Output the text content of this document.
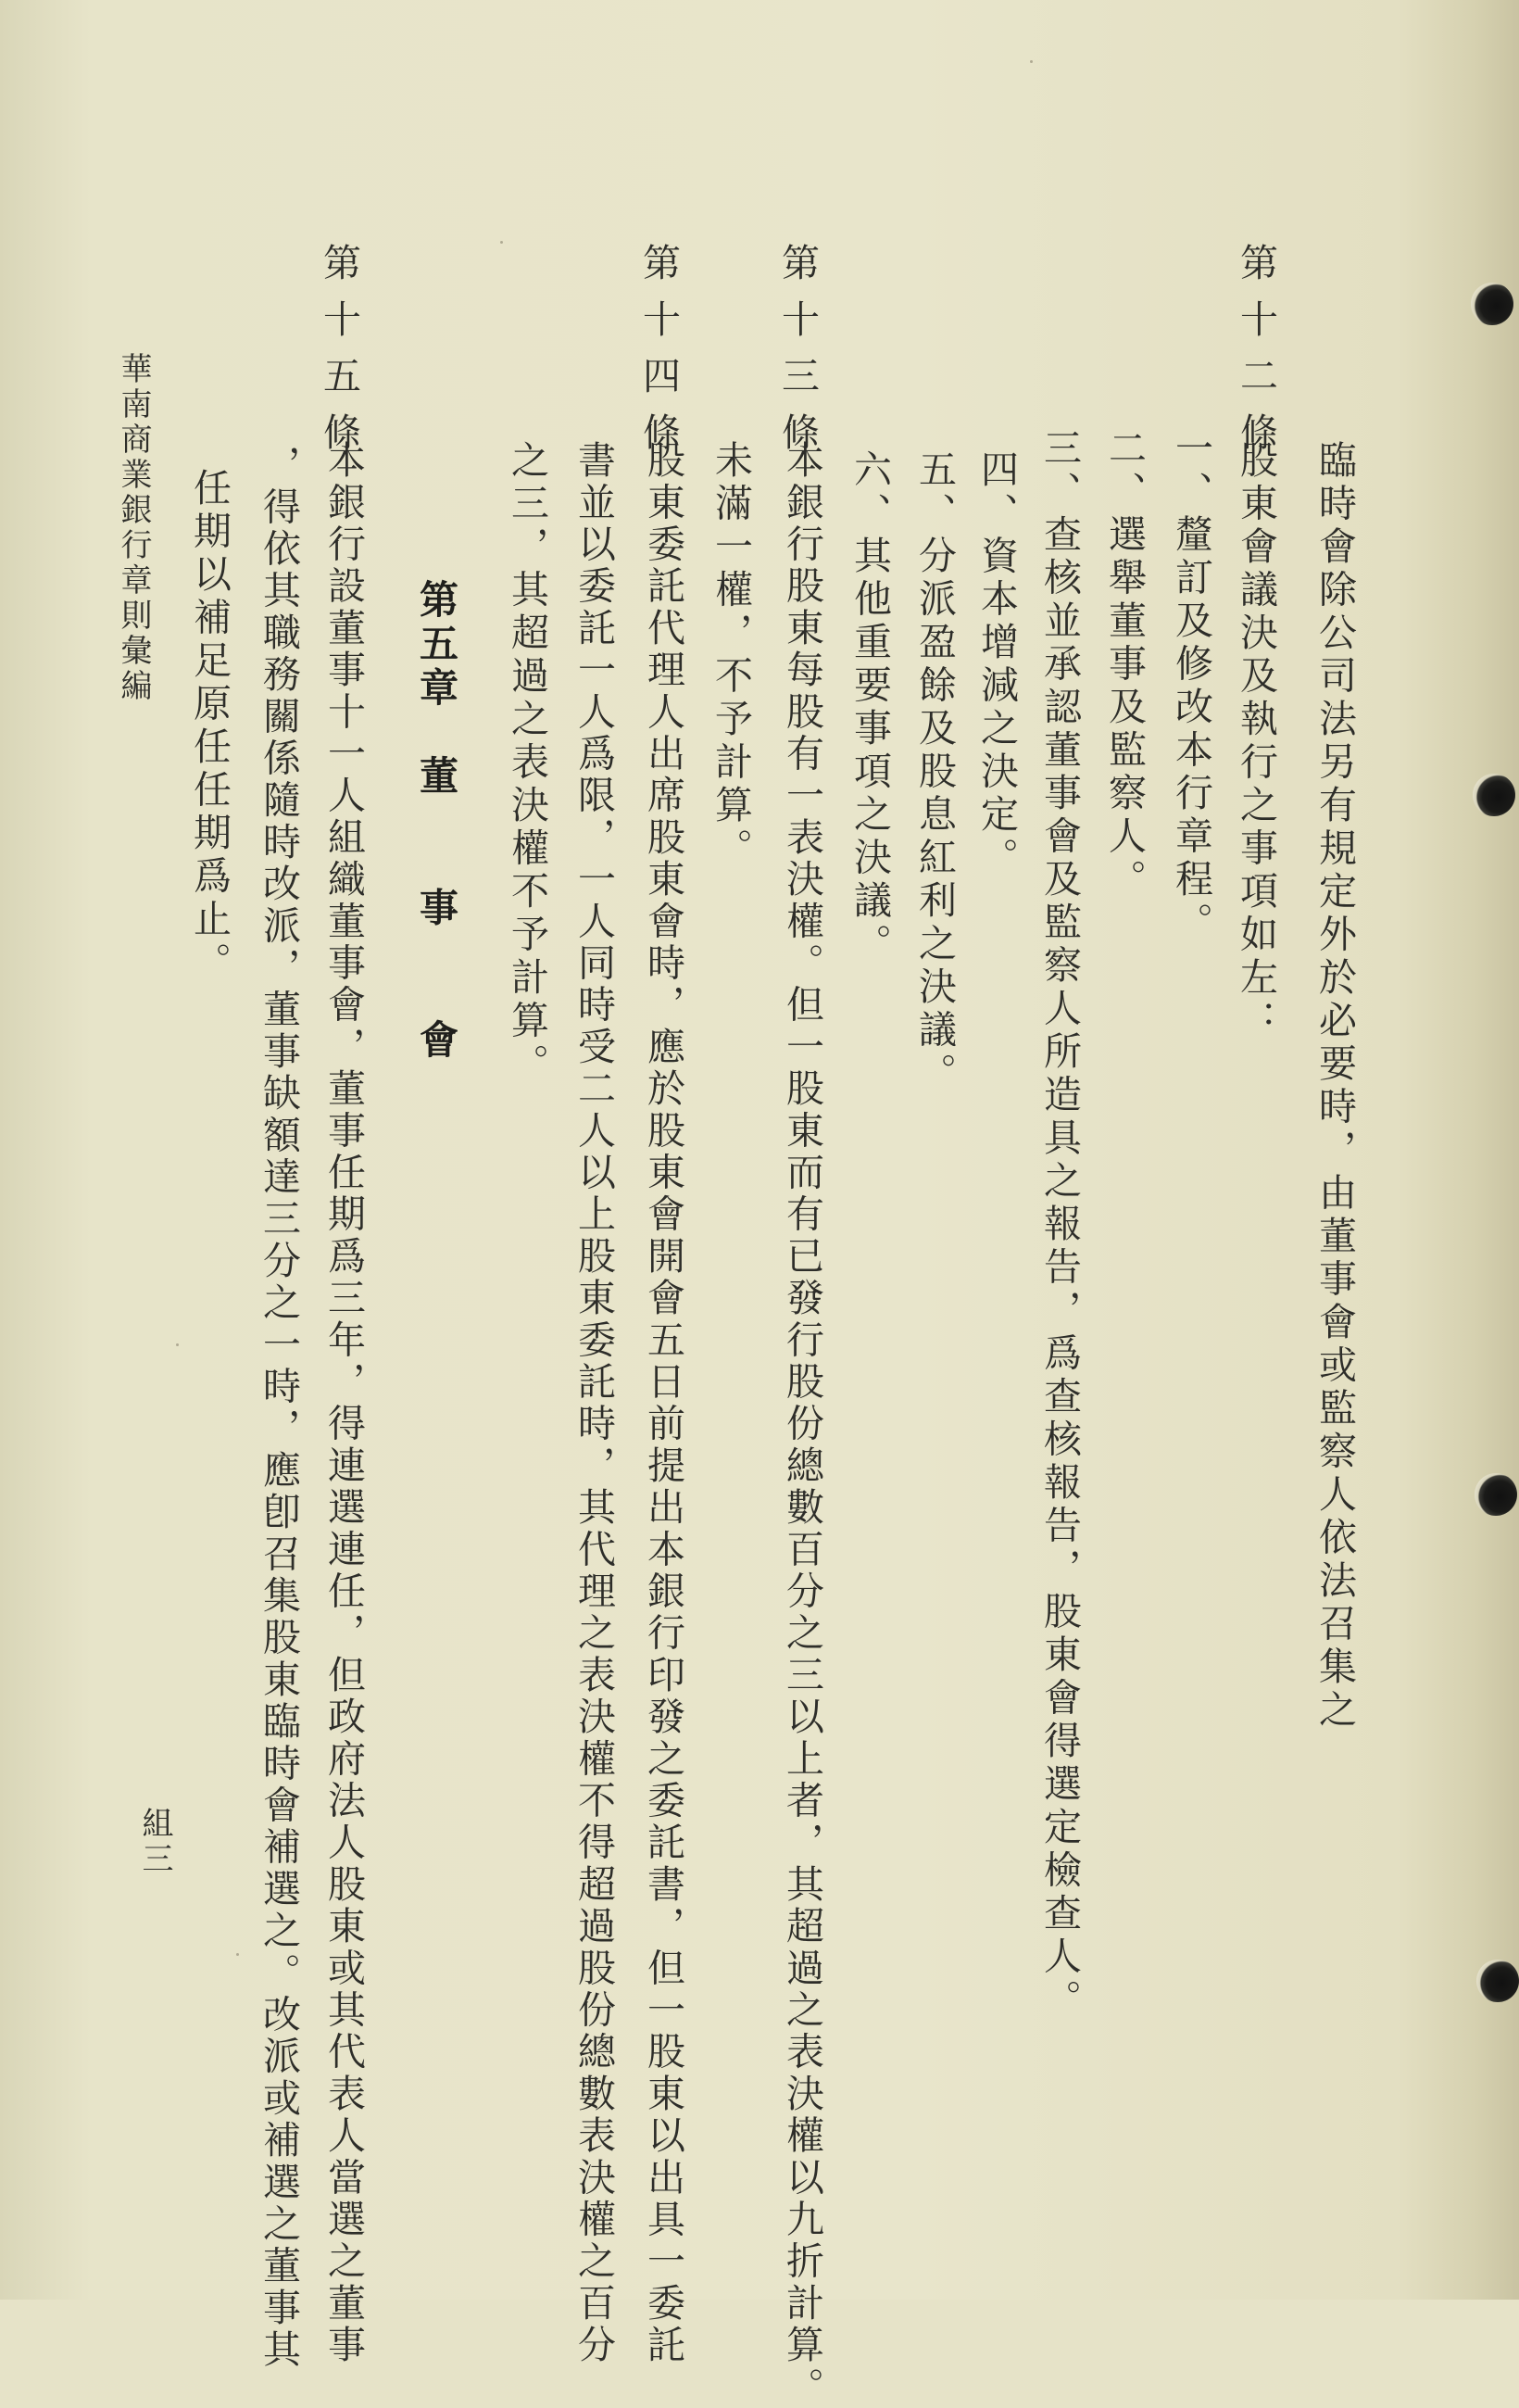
臨時會除公司法另有規定外於必要時，由董事會或監察人依法召集之
第十二條
股東會議決及執行之事項如左：
一、釐訂及修改本行章程。
二、選舉董事及監察人。
三、查核並承認董事會及監察人所造具之報告，爲查核報告，股東會得選定檢查人。
四、資本增減之決定。
五、分派盈餘及股息紅利之決議。
六、其他重要事項之決議。
第十三條
本銀行股東每股有一表決權。但一股東而有已發行股份總數百分之三以上者，其超過之表決權以九折計算。
未滿一權，不予計算。
第十四條
股東委託代理人出席股東會時，應於股東會開會五日前提出本銀行印發之委託書，但一股東以出具一委託
書並以委託一人爲限，一人同時受二人以上股東委託時，其代理之表決權不得超過股份總數表決權之百分
之三，其超過之表決權不予計算。
第五章　董　　事　　會
第十五條
本銀行設董事十一人組織董事會，董事任期爲三年，得連選連任，但政府法人股東或其代表人當選之董事
，得依其職務關係隨時改派，董事缺額達三分之一時，應卽召集股東臨時會補選之。改派或補選之董事其
任期以補足原任任期爲止。
華南商業銀行章則彙編
組三
